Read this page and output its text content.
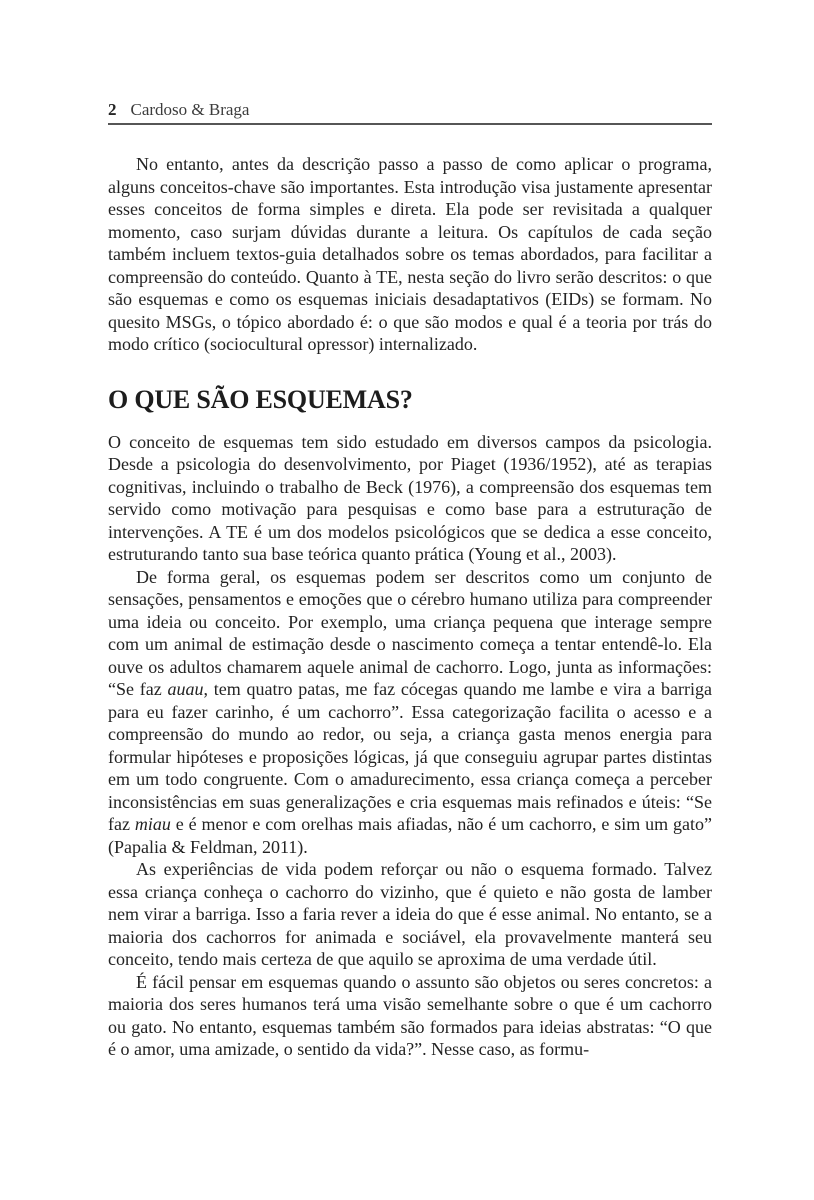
2 Cardoso & Braga

No entanto, antes da descrição passo a passo de como aplicar o programa, alguns conceitos-chave são importantes. Esta introdução visa justamente apresentar esses conceitos de forma simples e direta. Ela pode ser revisitada a qualquer momento, caso surjam dúvidas durante a leitura. Os capítulos de cada seção também incluem textos-guia detalhados sobre os temas abordados, para facilitar a compreensão do conteúdo. Quanto à TE, nesta seção do livro serão descritos: o que são esquemas e como os esquemas iniciais desadaptativos (EIDs) se formam. No quesito MSGs, o tópico abordado é: o que são modos e qual é a teoria por trás do modo crítico (sociocultural opressor) internalizado.

O QUE SÃO ESQUEMAS?

O conceito de esquemas tem sido estudado em diversos campos da psicologia. Desde a psicologia do desenvolvimento, por Piaget (1936/1952), até as terapias cognitivas, incluindo o trabalho de Beck (1976), a compreensão dos esquemas tem servido como motivação para pesquisas e como base para a estruturação de intervenções. A TE é um dos modelos psicológicos que se dedica a esse conceito, estruturando tanto sua base teórica quanto prática (Young et al., 2003).

De forma geral, os esquemas podem ser descritos como um conjunto de sensações, pensamentos e emoções que o cérebro humano utiliza para compreender uma ideia ou conceito. Por exemplo, uma criança pequena que interage sempre com um animal de estimação desde o nascimento começa a tentar entendê-lo. Ela ouve os adultos chamarem aquele animal de cachorro. Logo, junta as informações: “Se faz auau, tem quatro patas, me faz cócegas quando me lambe e vira a barriga para eu fazer carinho, é um cachorro”. Essa categorização facilita o acesso e a compreensão do mundo ao redor, ou seja, a criança gasta menos energia para formular hipóteses e proposições lógicas, já que conseguiu agrupar partes distintas em um todo congruente. Com o amadurecimento, essa criança começa a perceber inconsistências em suas generalizações e cria esquemas mais refinados e úteis: “Se faz miau e é menor e com orelhas mais afiadas, não é um cachorro, e sim um gato” (Papalia & Feldman, 2011).

As experiências de vida podem reforçar ou não o esquema formado. Talvez essa criança conheça o cachorro do vizinho, que é quieto e não gosta de lamber nem virar a barriga. Isso a faria rever a ideia do que é esse animal. No entanto, se a maioria dos cachorros for animada e sociável, ela provavelmente manterá seu conceito, tendo mais certeza de que aquilo se aproxima de uma verdade útil.

É fácil pensar em esquemas quando o assunto são objetos ou seres concretos: a maioria dos seres humanos terá uma visão semelhante sobre o que é um cachorro ou gato. No entanto, esquemas também são formados para ideias abstratas: “O que é o amor, uma amizade, o sentido da vida?”. Nesse caso, as formu-
